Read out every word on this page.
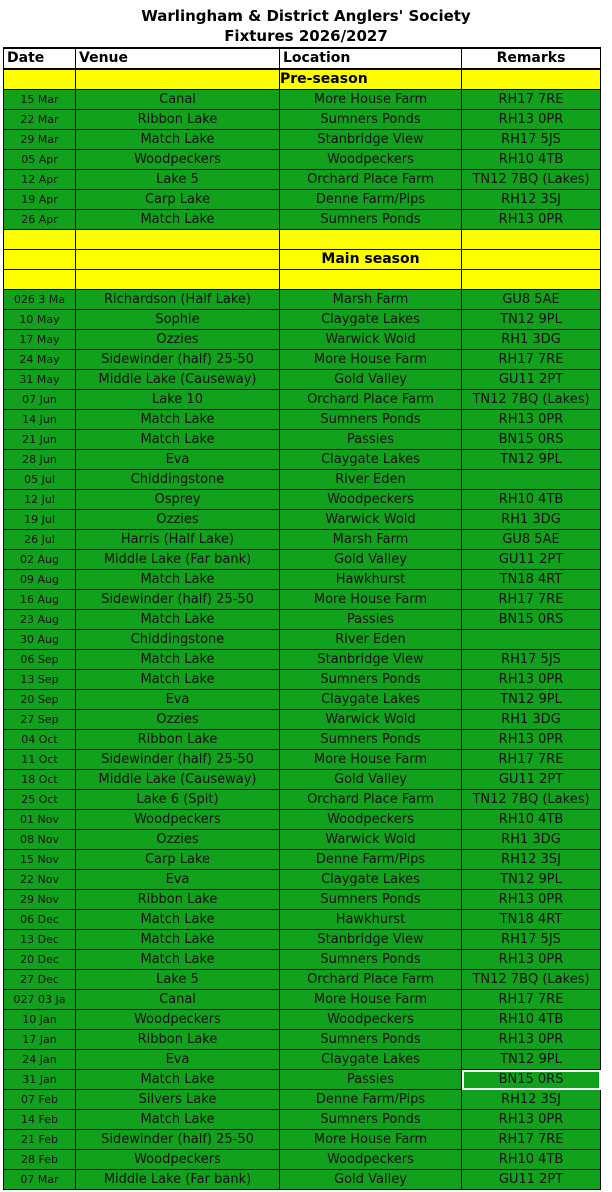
Warlingham & District Anglers' Society
Fixtures 2026/2027
Date	Venue	Location	Remarks
		Pre-season	
15 Mar	Canal	More House Farm	RH17 7RE
22 Mar	Ribbon Lake	Sumners Ponds	RH13 0PR
29 Mar	Match Lake	Stanbridge View	RH17 5JS
05 Apr	Woodpeckers	Woodpeckers	RH10 4TB
12 Apr	Lake 5	Orchard Place Farm	TN12 7BQ (Lakes)
19 Apr	Carp Lake	Denne Farm/Pips	RH12 3SJ
26 Apr	Match Lake	Sumners Ponds	RH13 0PR

		Main season	

026 3 Ma	Richardson (Half Lake)	Marsh Farm	GU8 5AE
10 May	Sophie	Claygate Lakes	TN12 9PL
17 May	Ozzies	Warwick Wold	RH1 3DG
24 May	Sidewinder (half) 25-50	More House Farm	RH17 7RE
31 May	Middle Lake (Causeway)	Gold Valley	GU11 2PT
07 Jun	Lake 10	Orchard Place Farm	TN12 7BQ (Lakes)
14 Jun	Match Lake	Sumners Ponds	RH13 0PR
21 Jun	Match Lake	Passies	BN15 0RS
28 Jun	Eva	Claygate Lakes	TN12 9PL
05 Jul	Chiddingstone	River Eden	
12 Jul	Osprey	Woodpeckers	RH10 4TB
19 Jul	Ozzies	Warwick Wold	RH1 3DG
26 Jul	Harris (Half Lake)	Marsh Farm	GU8 5AE
02 Aug	Middle Lake (Far bank)	Gold Valley	GU11 2PT
09 Aug	Match Lake	Hawkhurst	TN18 4RT
16 Aug	Sidewinder (half) 25-50	More House Farm	RH17 7RE
23 Aug	Match Lake	Passies	BN15 0RS
30 Aug	Chiddingstone	River Eden	
06 Sep	Match Lake	Stanbridge View	RH17 5JS
13 Sep	Match Lake	Sumners Ponds	RH13 0PR
20 Sep	Eva	Claygate Lakes	TN12 9PL
27 Sep	Ozzies	Warwick Wold	RH1 3DG
04 Oct	Ribbon Lake	Sumners Ponds	RH13 0PR
11 Oct	Sidewinder (half) 25-50	More House Farm	RH17 7RE
18 Oct	Middle Lake (Causeway)	Gold Valley	GU11 2PT
25 Oct	Lake 6 (Spit)	Orchard Place Farm	TN12 7BQ (Lakes)
01 Nov	Woodpeckers	Woodpeckers	RH10 4TB
08 Nov	Ozzies	Warwick Wold	RH1 3DG
15 Nov	Carp Lake	Denne Farm/Pips	RH12 3SJ
22 Nov	Eva	Claygate Lakes	TN12 9PL
29 Nov	Ribbon Lake	Sumners Ponds	RH13 0PR
06 Dec	Match Lake	Hawkhurst	TN18 4RT
13 Dec	Match Lake	Stanbridge View	RH17 5JS
20 Dec	Match Lake	Sumners Ponds	RH13 0PR
27 Dec	Lake 5	Orchard Place Farm	TN12 7BQ (Lakes)
027 03 Ja	Canal	More House Farm	RH17 7RE
10 Jan	Woodpeckers	Woodpeckers	RH10 4TB
17 Jan	Ribbon Lake	Sumners Ponds	RH13 0PR
24 Jan	Eva	Claygate Lakes	TN12 9PL
31 Jan	Match Lake	Passies	BN15 0RS
07 Feb	Silvers Lake	Denne Farm/Pips	RH12 3SJ
14 Feb	Match Lake	Sumners Ponds	RH13 0PR
21 Feb	Sidewinder (half) 25-50	More House Farm	RH17 7RE
28 Feb	Woodpeckers	Woodpeckers	RH10 4TB
07 Mar	Middle Lake (Far bank)	Gold Valley	GU11 2PT
